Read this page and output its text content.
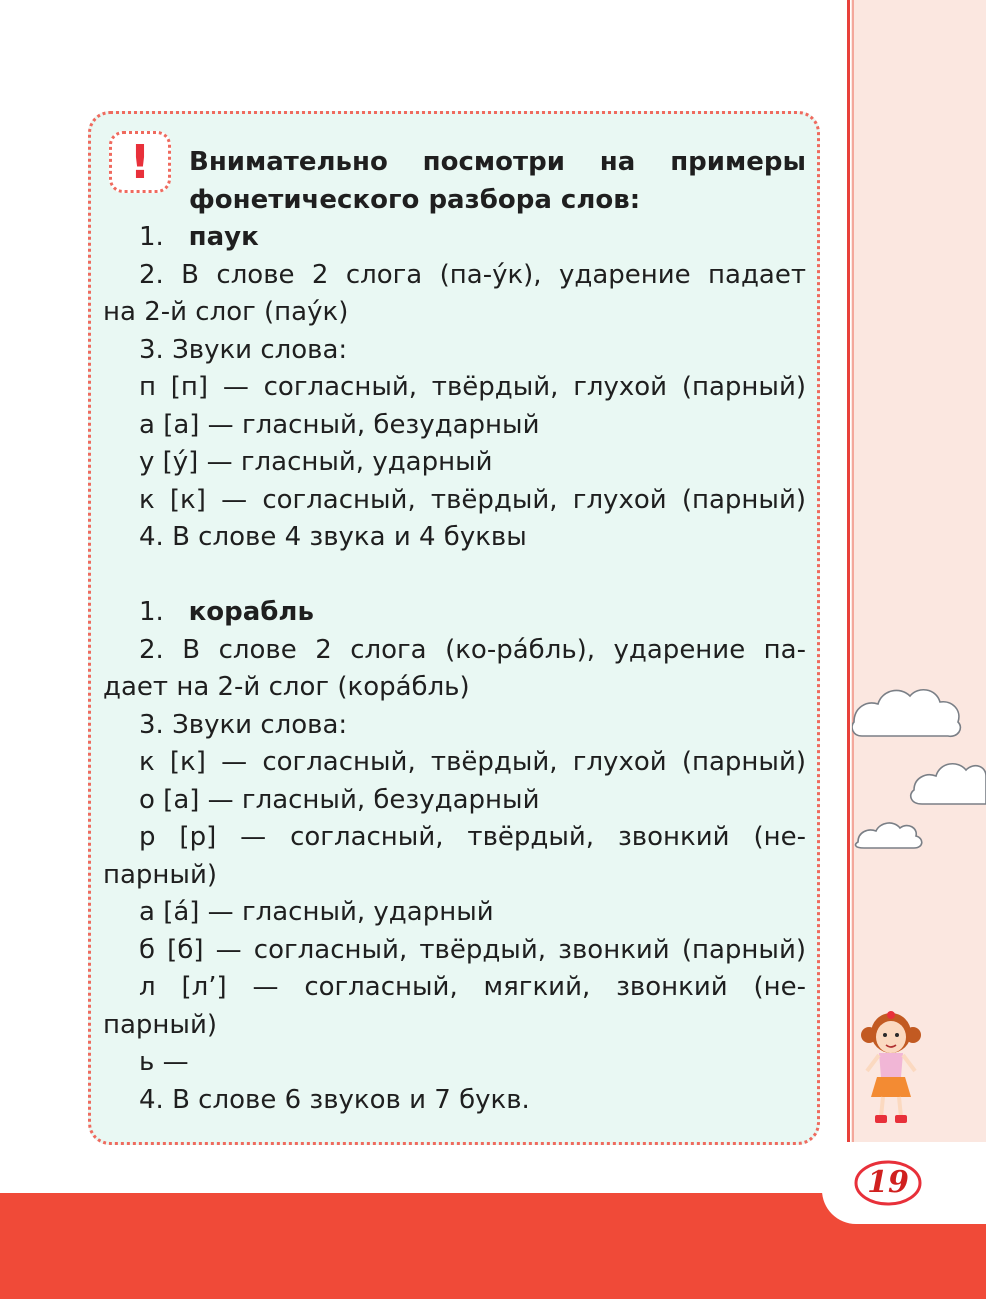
19
!	Внимательно посмотри на примеры
фонетического разбора слов:
1. паук
2. В слове 2 слога (па-у́к), ударение падает
на 2-й слог (пау́к)
3. Звуки слова:
п [п] — согласный, твёрдый, глухой (парный)
а [а] — гласный, безударный
у [у́] — гласный, ударный
к [к] — согласный, твёрдый, глухой (парный)
4. В слове 4 звука и 4 буквы
1. корабль
2. В слове 2 слога (ко-ра́бль), ударение па-
дает на 2-й слог (кора́бль)
3. Звуки слова:
к [к] — согласный, твёрдый, глухой (парный)
о [а] — гласный, безударный
р [р] — согласный, твёрдый, звонкий (не-
парный)
а [а́] — гласный, ударный
б [б] — согласный, твёрдый, звонкий (парный)
л [л’] — согласный, мягкий, звонкий (не-
парный)
ь —
4. В слове 6 звуков и 7 букв.
